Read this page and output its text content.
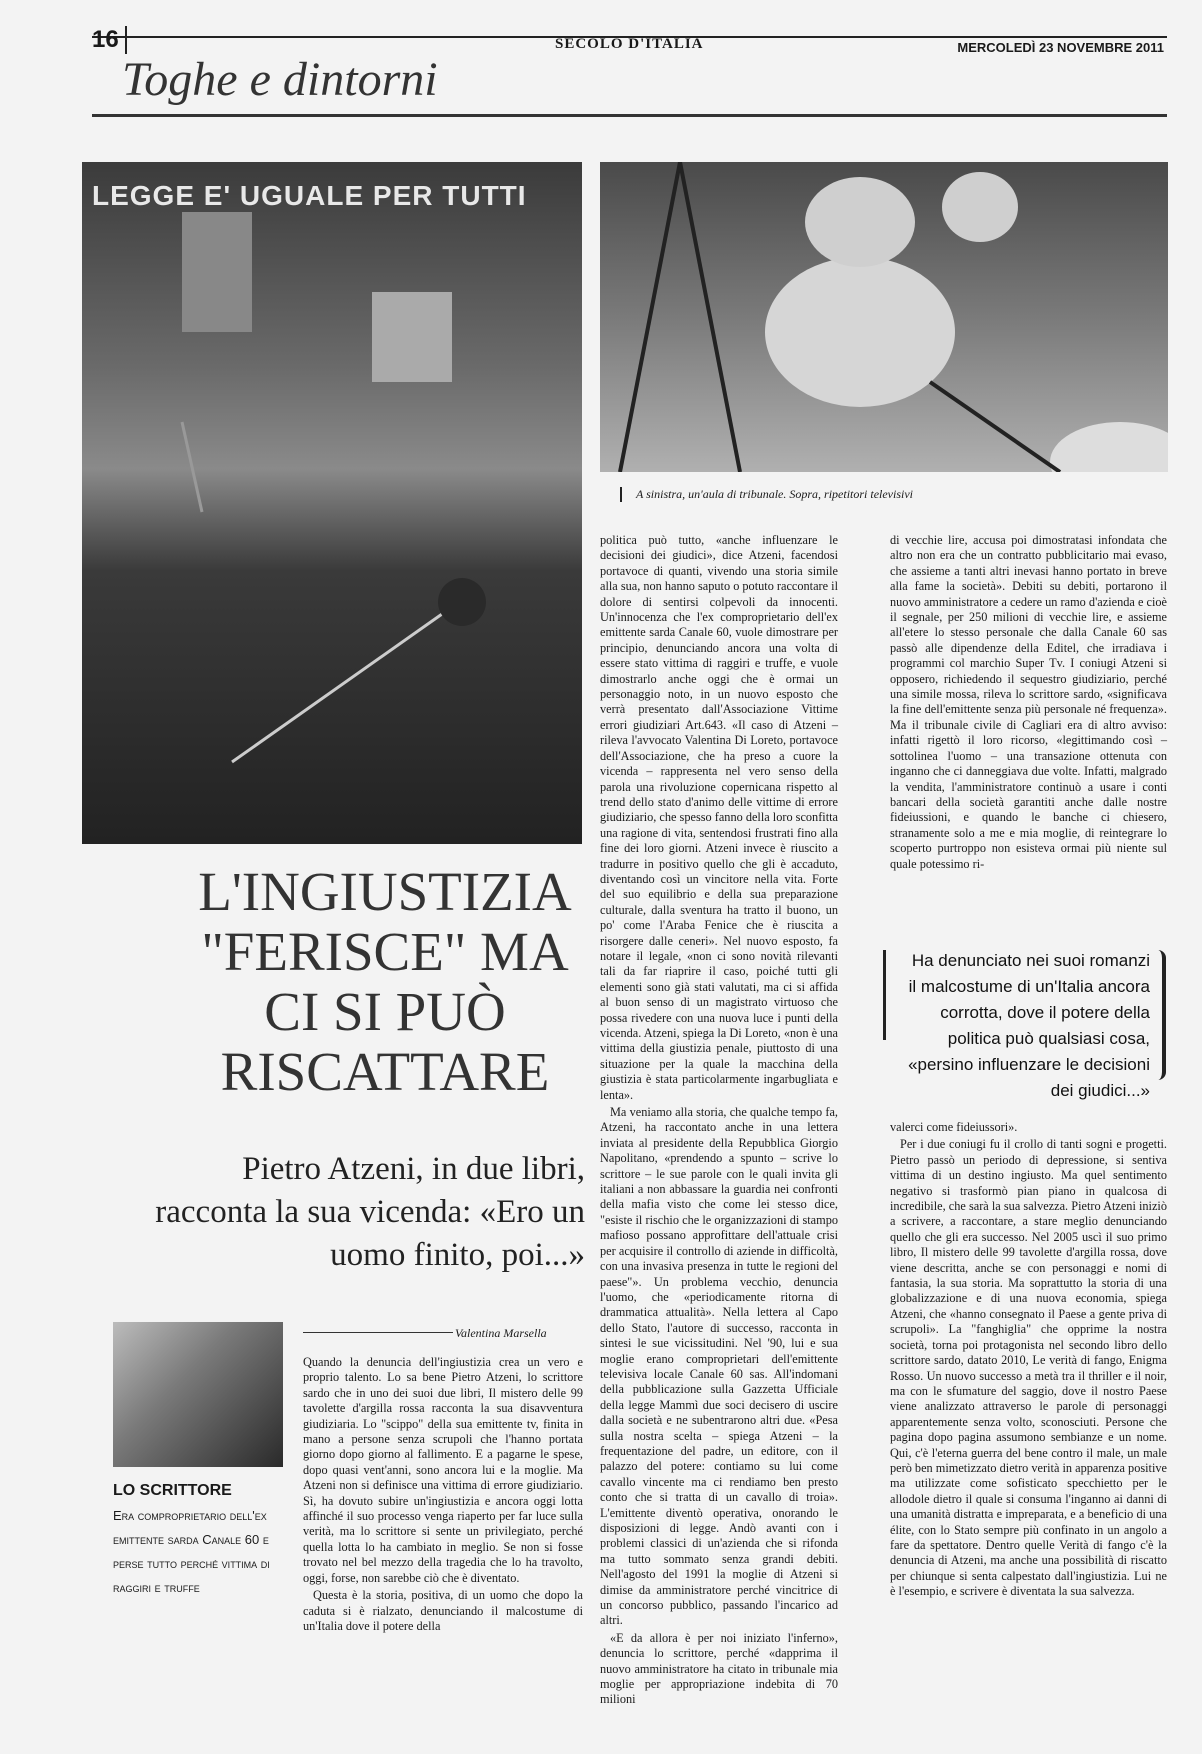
16	SECOLO D'ITALIA	MERCOLEDÌ 23 NOVEMBRE 2011
Toghe e dintorni
LEGGE E' UGUALE PER TUTTI
A sinistra, un'aula di tribunale. Sopra, ripetitori televisivi
L'INGIUSTIZIA "FERISCE" MA CI SI PUÒ RISCATTARE
Pietro Atzeni, in due libri, racconta la sua vicenda: «Ero un uomo finito, poi...»
Valentina Marsella
LO SCRITTORE
Era comproprietario dell'ex emittente sarda Canale 60 e perse tutto perché vittima di raggiri e truffe

Quando la denuncia dell'ingiustizia crea un vero e proprio talento. Lo sa bene Pietro Atzeni, lo scrittore sardo che in uno dei suoi due libri, Il mistero delle 99 tavolette d'argilla rossa racconta la sua disavventura giudiziaria. Lo "scippo" della sua emittente tv, finita in mano a persone senza scrupoli che l'hanno portata giorno dopo giorno al fallimento. E a pagarne le spese, dopo quasi vent'anni, sono ancora lui e la moglie. Ma Atzeni non si definisce una vittima di errore giudiziario. Sì, ha dovuto subire un'ingiustizia e ancora oggi lotta affinché il suo processo venga riaperto per far luce sulla verità, ma lo scrittore si sente un privilegiato, perché quella lotta lo ha cambiato in meglio. Se non si fosse trovato nel bel mezzo della tragedia che lo ha travolto, oggi, forse, non sarebbe ciò che è diventato.

Questa è la storia, positiva, di un uomo che dopo la caduta si è rialzato, denunciando il malcostume di un'Italia dove il potere della

politica può tutto, «anche influenzare le decisioni dei giudici», dice Atzeni, facendosi portavoce di quanti, vivendo una storia simile alla sua, non hanno saputo o potuto raccontare il dolore di sentirsi colpevoli da innocenti. Un'innocenza che l'ex comproprietario dell'ex emittente sarda Canale 60, vuole dimostrare per principio, denunciando ancora una volta di essere stato vittima di raggiri e truffe, e vuole dimostrarlo anche oggi che è ormai un personaggio noto, in un nuovo esposto che verrà presentato dall'Associazione Vittime errori giudiziari Art.643. «Il caso di Atzeni – rileva l'avvocato Valentina Di Loreto, portavoce dell'Associazione, che ha preso a cuore la vicenda – rappresenta nel vero senso della parola una rivoluzione copernicana rispetto al trend dello stato d'animo delle vittime di errore giudiziario, che spesso fanno della loro sconfitta una ragione di vita, sentendosi frustrati fino alla fine dei loro giorni. Atzeni invece è riuscito a tradurre in positivo quello che gli è accaduto, diventando così un vincitore nella vita. Forte del suo equilibrio e della sua preparazione culturale, dalla sventura ha tratto il buono, un po' come l'Araba Fenice che è riuscita a risorgere dalle ceneri». Nel nuovo esposto, fa notare il legale, «non ci sono novità rilevanti tali da far riaprire il caso, poiché tutti gli elementi sono già stati valutati, ma ci si affida al buon senso di un magistrato virtuoso che possa rivedere con una nuova luce i punti della vicenda. Atzeni, spiega la Di Loreto, «non è una vittima della giustizia penale, piuttosto di una situazione per la quale la macchina della giustizia è stata particolarmente ingarbugliata e lenta».

Ma veniamo alla storia, che qualche tempo fa, Atzeni, ha raccontato anche in una lettera inviata al presidente della Repubblica Giorgio Napolitano, «prendendo a spunto – scrive lo scrittore – le sue parole con le quali invita gli italiani a non abbassare la guardia nei confronti della mafia visto che come lei stesso dice, "esiste il rischio che le organizzazioni di stampo mafioso possano approfittare dell'attuale crisi per acquisire il controllo di aziende in difficoltà, con una invasiva presenza in tutte le regioni del paese"». Un problema vecchio, denuncia l'uomo, che «periodicamente ritorna di drammatica attualità». Nella lettera al Capo dello Stato, l'autore di successo, racconta in sintesi le sue vicissitudini. Nel '90, lui e sua moglie erano comproprietari dell'emittente televisiva locale Canale 60 sas. All'indomani della pubblicazione sulla Gazzetta Ufficiale della legge Mammì due soci decisero di uscire dalla società e ne subentrarono altri due. «Pesa sulla nostra scelta – spiega Atzeni – la frequentazione del padre, un editore, con il palazzo del potere: contiamo su lui come cavallo vincente ma ci rendiamo ben presto conto che si tratta di un cavallo di troia». L'emittente diventò operativa, onorando le disposizioni di legge. Andò avanti con i problemi classici di un'azienda che si rifonda ma tutto sommato senza grandi debiti. Nell'agosto del 1991 la moglie di Atzeni si dimise da amministratore perché vincitrice di un concorso pubblico, passando l'incarico ad altri.

«E da allora è per noi iniziato l'inferno», denuncia lo scrittore, perché «dapprima il nuovo amministratore ha citato in tribunale mia moglie per appropriazione indebita di 70 milioni

di vecchie lire, accusa poi dimostratasi infondata che altro non era che un contratto pubblicitario mai evaso, che assieme a tanti altri inevasi hanno portato in breve alla fame la società». Debiti su debiti, portarono il nuovo amministratore a cedere un ramo d'azienda e cioè il segnale, per 250 milioni di vecchie lire, e assieme all'etere lo stesso personale che dalla Canale 60 sas passò alle dipendenze della Editel, che irradiava i programmi col marchio Super Tv. I coniugi Atzeni si opposero, richiedendo il sequestro giudiziario, perché una simile mossa, rileva lo scrittore sardo, «significava la fine dell'emittente senza più personale né frequenza». Ma il tribunale civile di Cagliari era di altro avviso: infatti rigettò il loro ricorso, «legittimando così – sottolinea l'uomo – una transazione ottenuta con inganno che ci danneggiava due volte. Infatti, malgrado la vendita, l'amministratore continuò a usare i conti bancari della società garantiti anche dalle nostre fideiussioni, e quando le banche ci chiesero, stranamente solo a me e mia moglie, di reintegrare lo scoperto purtroppo non esisteva ormai più niente sul quale potessimo ri-

Ha denunciato nei suoi romanzi il malcostume di un'Italia ancora corrotta, dove il potere della politica può qualsiasi cosa, «persino influenzare le decisioni dei giudici...»

valerci come fideiussori».

Per i due coniugi fu il crollo di tanti sogni e progetti. Pietro passò un periodo di depressione, si sentiva vittima di un destino ingiusto. Ma quel sentimento negativo si trasformò pian piano in qualcosa di incredibile, che sarà la sua salvezza. Pietro Atzeni iniziò a scrivere, a raccontare, a stare meglio denunciando quello che gli era successo. Nel 2005 uscì il suo primo libro, Il mistero delle 99 tavolette d'argilla rossa, dove viene descritta, anche se con personaggi e nomi di fantasia, la sua storia. Ma soprattutto la storia di una globalizzazione e di una nuova economia, spiega Atzeni, che «hanno consegnato il Paese a gente priva di scrupoli». La "fanghiglia" che opprime la nostra società, torna poi protagonista nel secondo libro dello scrittore sardo, datato 2010, Le verità di fango, Enigma Rosso. Un nuovo successo a metà tra il thriller e il noir, ma con le sfumature del saggio, dove il nostro Paese viene analizzato attraverso le parole di personaggi apparentemente senza volto, sconosciuti. Persone che pagina dopo pagina assumono sembianze e un nome. Qui, c'è l'eterna guerra del bene contro il male, un male però ben mimetizzato dietro verità in apparenza positive ma utilizzate come sofisticato specchietto per le allodole dietro il quale si consuma l'inganno ai danni di una umanità distratta e impreparata, e a beneficio di una élite, con lo Stato sempre più confinato in un angolo a fare da spettatore. Dentro quelle Verità di fango c'è la denuncia di Atzeni, ma anche una possibilità di riscatto per chiunque si senta calpestato dall'ingiustizia. Lui ne è l'esempio, e scrivere è diventata la sua salvezza.
